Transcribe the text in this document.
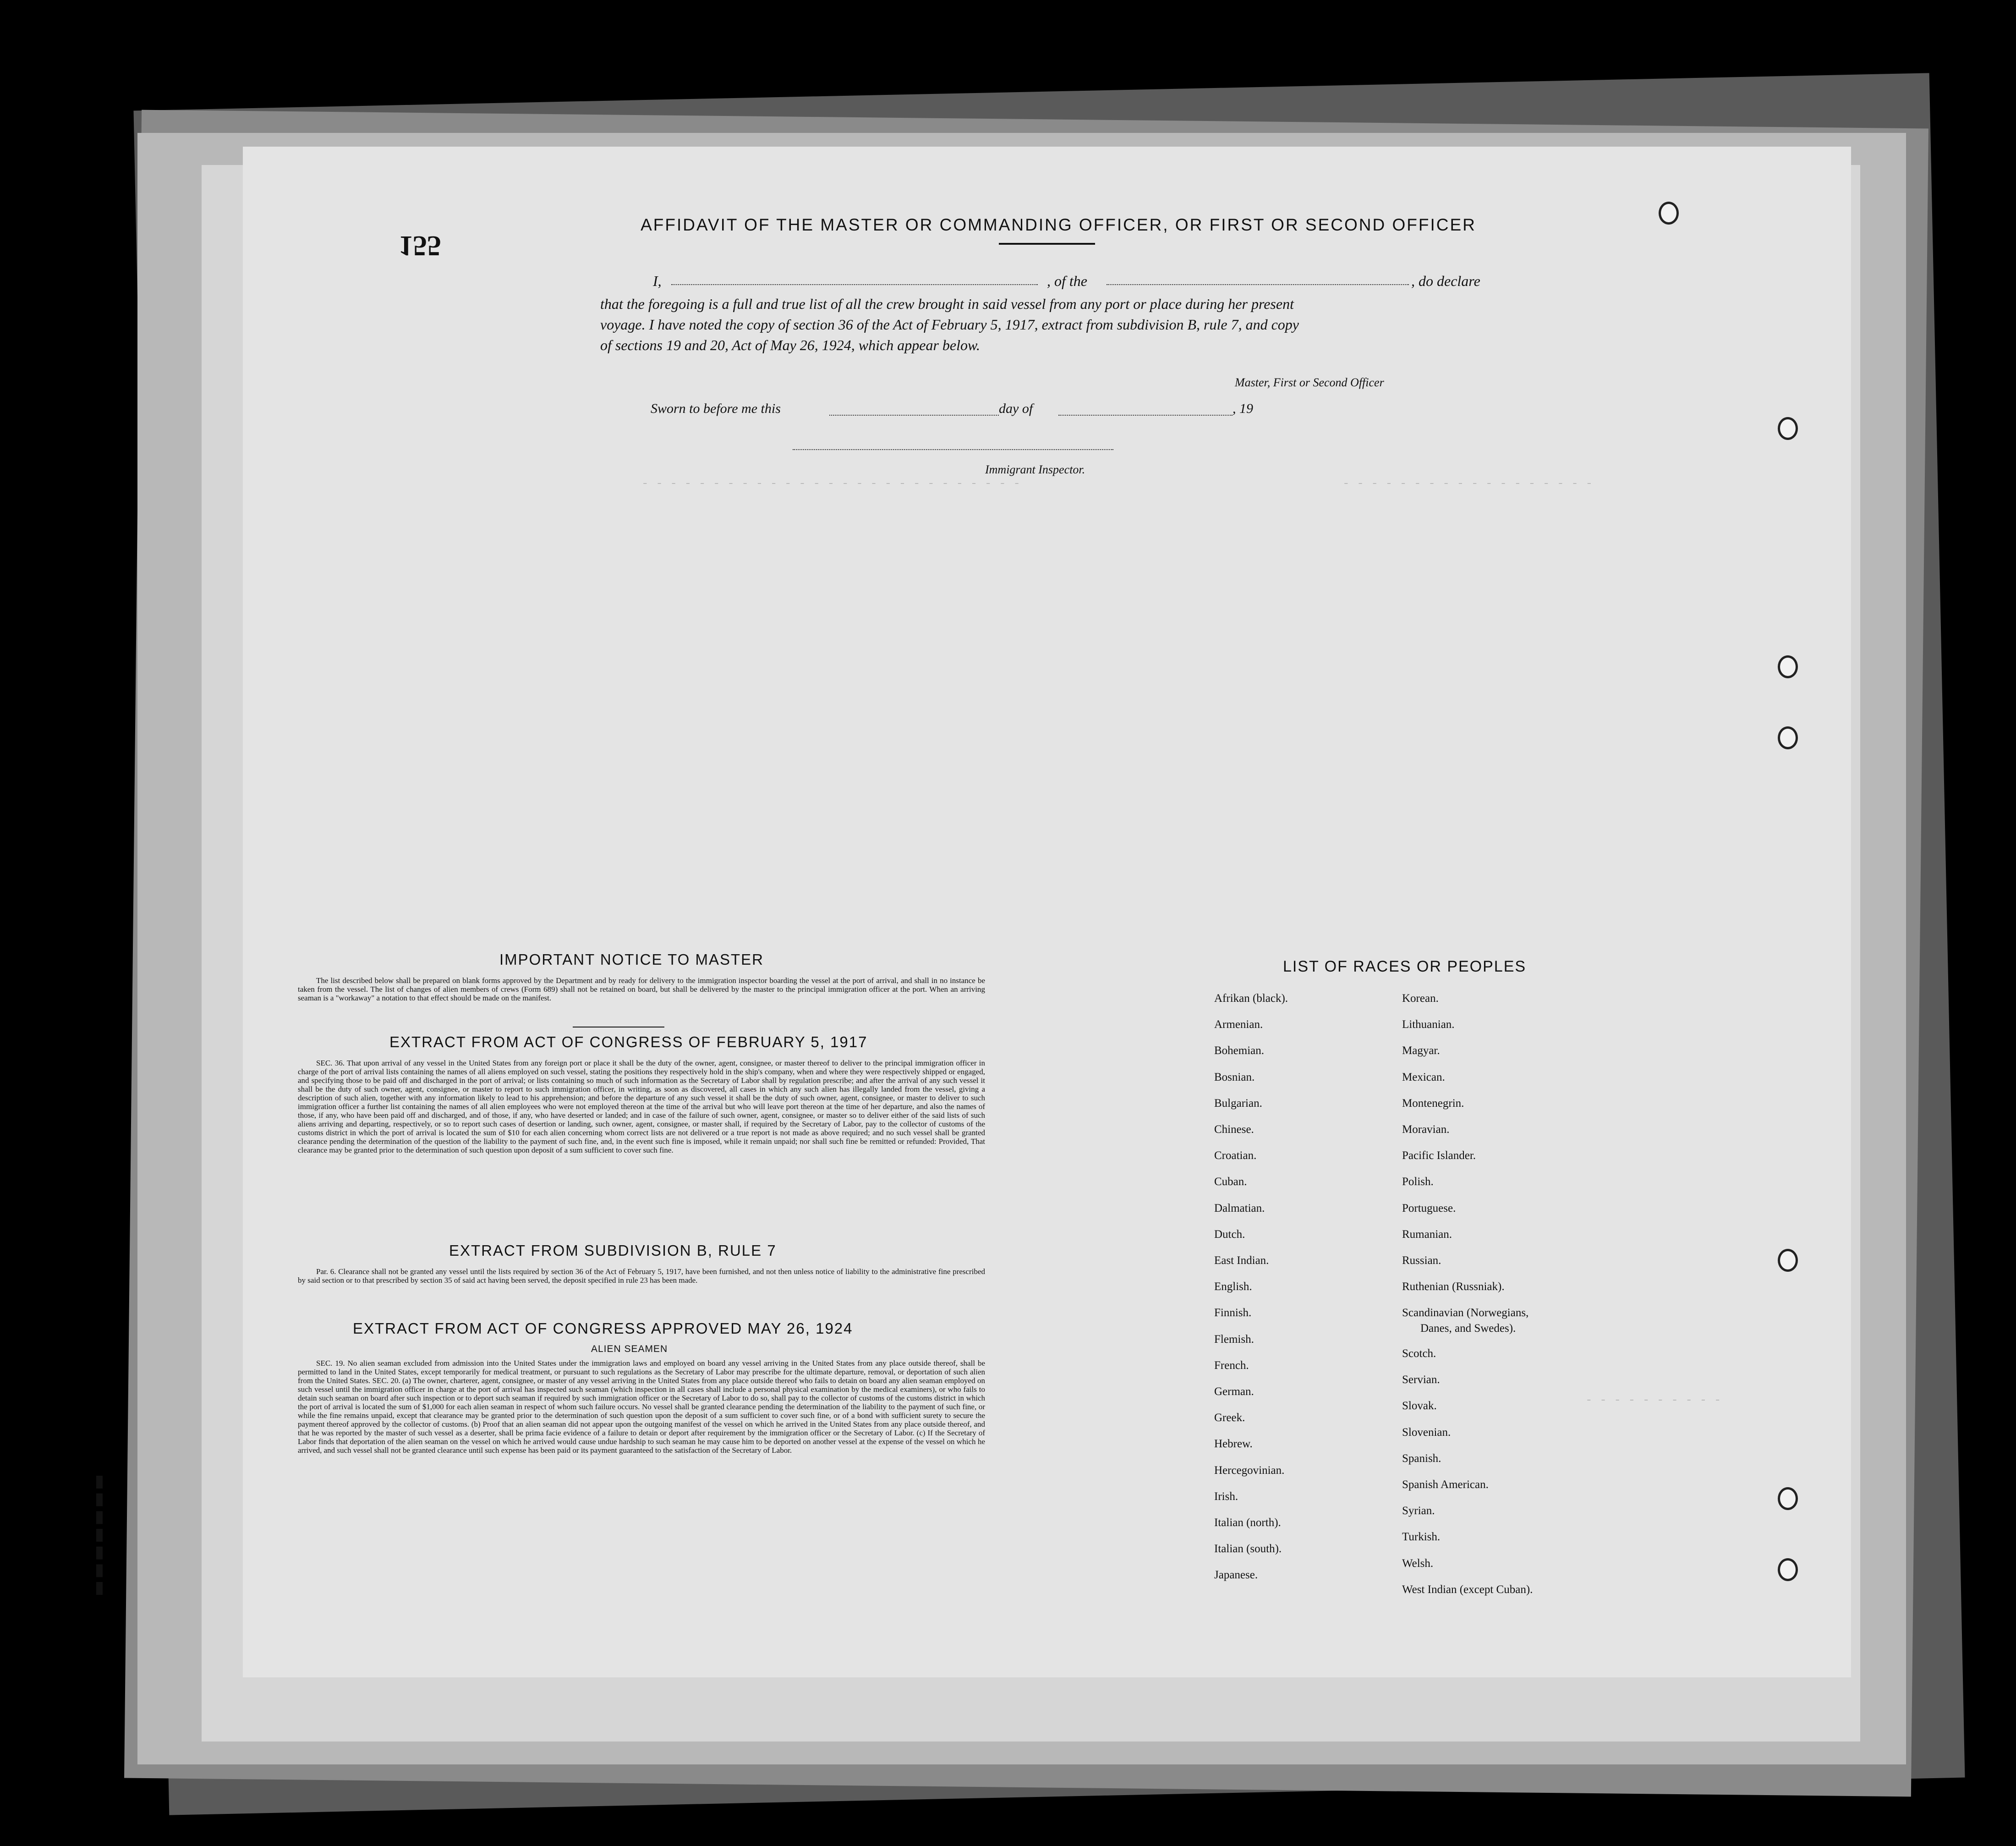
- - - - - - - - - - - - - - - - - - - - - - - - - - -	- - - - - - - - - - - - - - - - - -
- - - - - - - - - -
155
AFFIDAVIT OF THE MASTER OR COMMANDING OFFICER, OR FIRST OR SECOND OFFICER
I,	, of the	, do declare
that the foregoing is a full and true list of all the crew brought in said vessel from any port or place during her present
voyage. I have noted the copy of section 36 of the Act of February 5, 1917, extract from subdivision B, rule 7, and copy
of sections 19 and 20, Act of May 26, 1924, which appear below.
Master, First or Second Officer
Sworn to before me this	day of	, 19
Immigrant Inspector.
IMPORTANT NOTICE TO MASTER
The list described below shall be prepared on blank forms approved by the Department and by ready for delivery to the immigration inspector boarding the vessel at the port of arrival, and shall in no instance be taken from the vessel. The list of changes of alien members of crews (Form 689) shall not be retained on board, but shall be delivered by the master to the principal immigration officer at the port. When an arriving seaman is a "workaway" a notation to that effect should be made on the manifest.
EXTRACT FROM ACT OF CONGRESS OF FEBRUARY 5, 1917
SEC. 36. That upon arrival of any vessel in the United States from any foreign port or place it shall be the duty of the owner, agent, consignee, or master thereof to deliver to the principal immigration officer in charge of the port of arrival lists containing the names of all aliens employed on such vessel, stating the positions they respectively hold in the ship's company, when and where they were respectively shipped or engaged, and specifying those to be paid off and discharged in the port of arrival; or lists containing so much of such information as the Secretary of Labor shall by regulation prescribe; and after the arrival of any such vessel it shall be the duty of such owner, agent, consignee, or master to report to such immigration officer, in writing, as soon as discovered, all cases in which any such alien has illegally landed from the vessel, giving a description of such alien, together with any information likely to lead to his apprehension; and before the departure of any such vessel it shall be the duty of such owner, agent, consignee, or master to deliver to such immigration officer a further list containing the names of all alien employees who were not employed thereon at the time of the arrival but who will leave port thereon at the time of her departure, and also the names of those, if any, who have been paid off and discharged, and of those, if any, who have deserted or landed; and in case of the failure of such owner, agent, consignee, or master so to deliver either of the said lists of such aliens arriving and departing, respectively, or so to report such cases of desertion or landing, such owner, agent, consignee, or master shall, if required by the Secretary of Labor, pay to the collector of customs of the customs district in which the port of arrival is located the sum of $10 for each alien concerning whom correct lists are not delivered or a true report is not made as above required; and no such vessel shall be granted clearance pending the determination of the question of the liability to the payment of such fine, and, in the event such fine is imposed, while it remain unpaid; nor shall such fine be remitted or refunded: Provided, That clearance may be granted prior to the determination of such question upon deposit of a sum sufficient to cover such fine.
EXTRACT FROM SUBDIVISION B, RULE 7
Par. 6. Clearance shall not be granted any vessel until the lists required by section 36 of the Act of February 5, 1917, have been furnished, and not then unless notice of liability to the administrative fine prescribed by said section or to that prescribed by section 35 of said act having been served, the deposit specified in rule 23 has been made.
EXTRACT FROM ACT OF CONGRESS APPROVED MAY 26, 1924
ALIEN SEAMEN
SEC. 19. No alien seaman excluded from admission into the United States under the immigration laws and employed on board any vessel arriving in the United States from any place outside thereof, shall be permitted to land in the United States, except temporarily for medical treatment, or pursuant to such regulations as the Secretary of Labor may prescribe for the ultimate departure, removal, or deportation of such alien from the United States. SEC. 20. (a) The owner, charterer, agent, consignee, or master of any vessel arriving in the United States from any place outside thereof who fails to detain on board any alien seaman employed on such vessel until the immigration officer in charge at the port of arrival has inspected such seaman (which inspection in all cases shall include a personal physical examination by the medical examiners), or who fails to detain such seaman on board after such inspection or to deport such seaman if required by such immigration officer or the Secretary of Labor to do so, shall pay to the collector of customs of the customs district in which the port of arrival is located the sum of $1,000 for each alien seaman in respect of whom such failure occurs. No vessel shall be granted clearance pending the determination of the liability to the payment of such fine, or while the fine remains unpaid, except that clearance may be granted prior to the determination of such question upon the deposit of a sum sufficient to cover such fine, or of a bond with sufficient surety to secure the payment thereof approved by the collector of customs. (b) Proof that an alien seaman did not appear upon the outgoing manifest of the vessel on which he arrived in the United States from any place outside thereof, and that he was reported by the master of such vessel as a deserter, shall be prima facie evidence of a failure to detain or deport after requirement by the immigration officer or the Secretary of Labor. (c) If the Secretary of Labor finds that deportation of the alien seaman on the vessel on which he arrived would cause undue hardship to such seaman he may cause him to be deported on another vessel at the expense of the vessel on which he arrived, and such vessel shall not be granted clearance until such expense has been paid or its payment guaranteed to the satisfaction of the Secretary of Labor.
LIST OF RACES OR PEOPLES
Afrikan (black).
Armenian.
Bohemian.
Bosnian.
Bulgarian.
Chinese.
Croatian.
Cuban.
Dalmatian.
Dutch.
East Indian.
English.
Finnish.
Flemish.
French.
German.
Greek.
Hebrew.
Hercegovinian.
Irish.
Italian (north).
Italian (south).
Japanese.
Korean.
Lithuanian.
Magyar.
Mexican.
Montenegrin.
Moravian.
Pacific Islander.
Polish.
Portuguese.
Rumanian.
Russian.
Ruthenian (Russniak).
Scandinavian (Norwegians,
Danes, and Swedes).
Scotch.
Servian.
Slovak.
Slovenian.
Spanish.
Spanish American.
Syrian.
Turkish.
Welsh.
West Indian (except Cuban).
